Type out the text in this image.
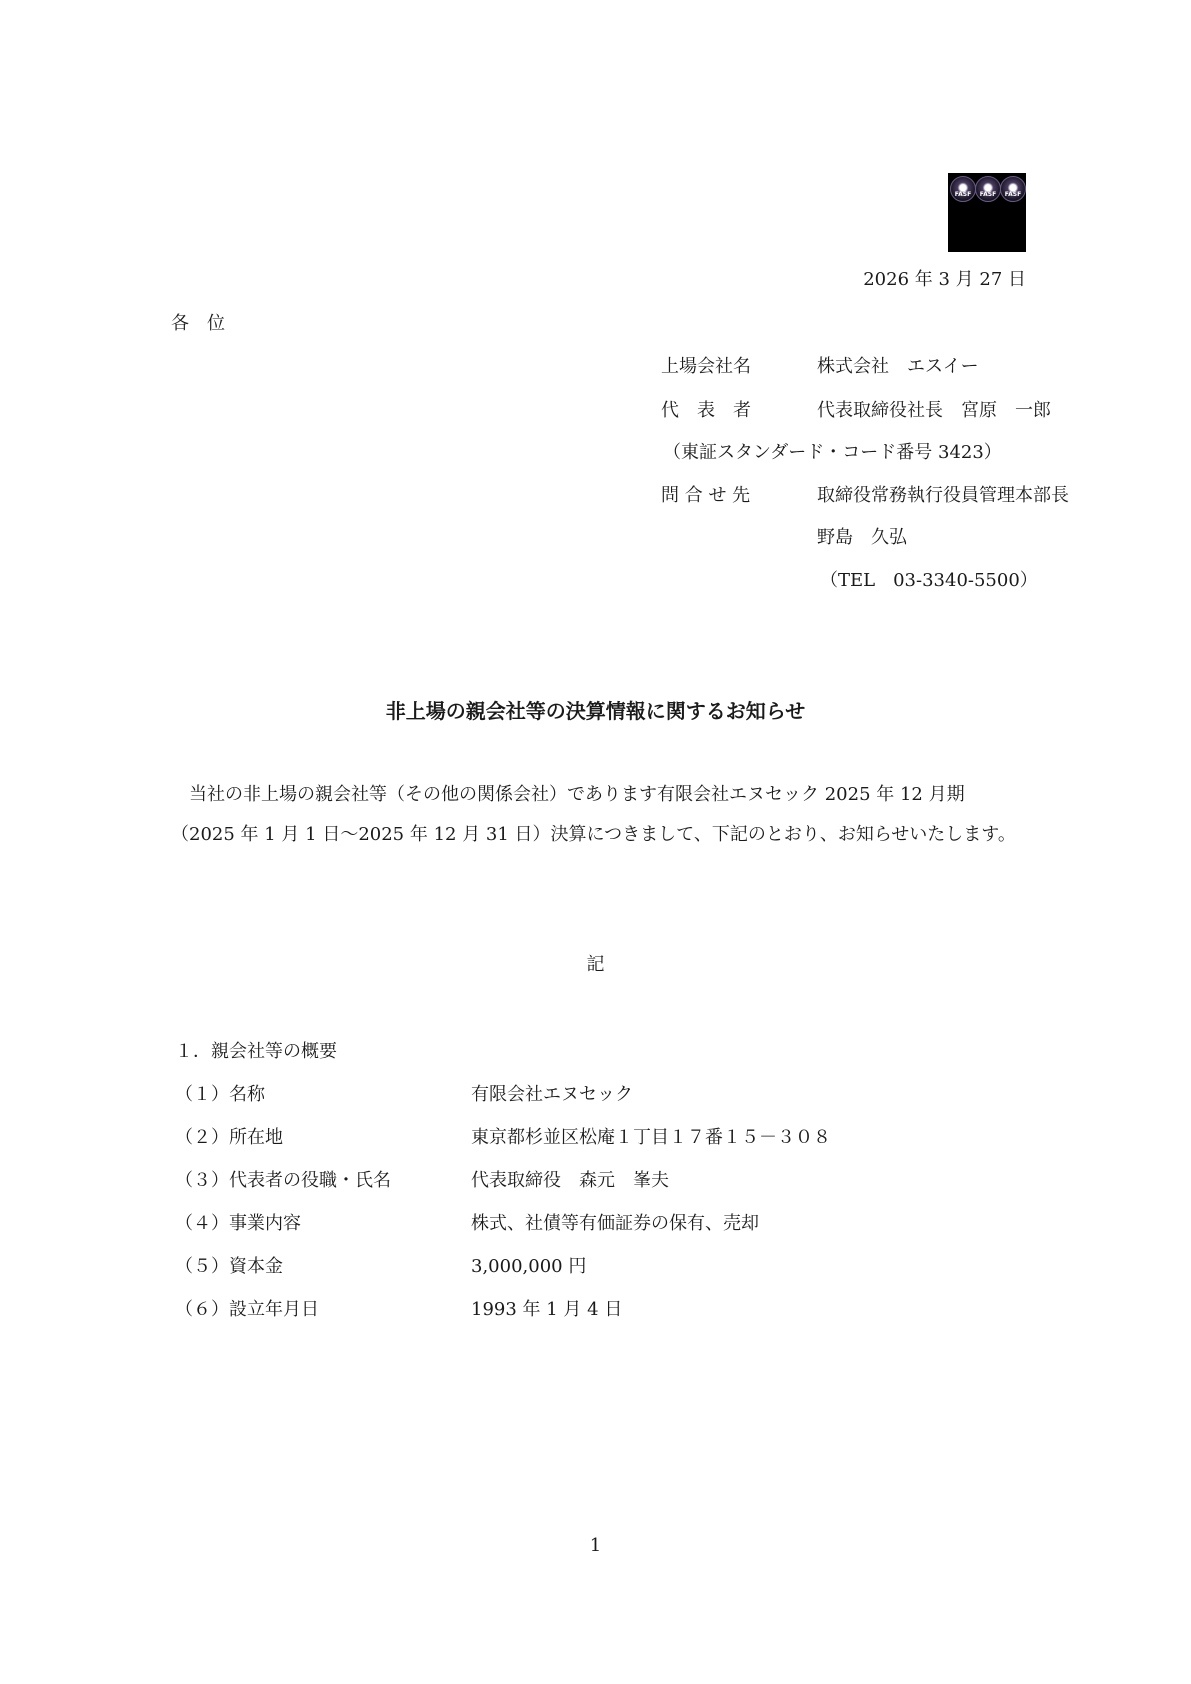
FASF	FASF	FASF
2026 年 3 月 27 日
各　位
上場会社名	株式会社　エスイー
代　表　者	代表取締役社長　宮原　一郎
（東証スタンダード・コード番号 3423）
問 合 せ 先	取締役常務執行役員管理本部長
野島　久弘
（TEL　03-3340-5500）
非上場の親会社等の決算情報に関するお知らせ
当社の非上場の親会社等（その他の関係会社）であります有限会社エヌセック 2025 年 12 月期（2025 年 1 月 1 日～2025 年 12 月 31 日）決算につきまして、下記のとおり、お知らせいたします。
記
１．親会社等の概要
（１）名称	有限会社エヌセック
（２）所在地	東京都杉並区松庵１丁目１７番１５－３０８
（３）代表者の役職・氏名	代表取締役　森元　峯夫
（４）事業内容	株式、社債等有価証券の保有、売却
（５）資本金	3,000,000 円
（６）設立年月日	1993 年 1 月 4 日
1
